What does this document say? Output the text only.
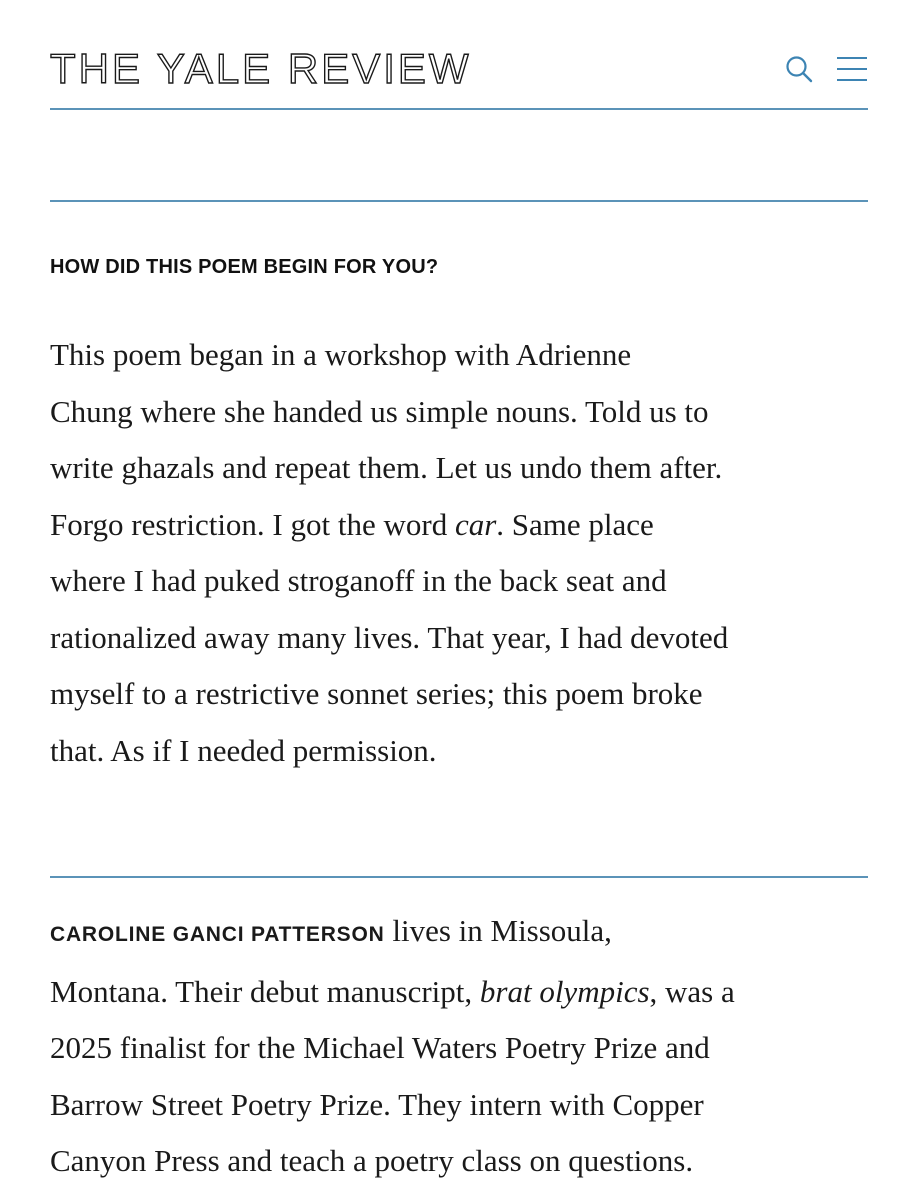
THE YALE REVIEW
HOW DID THIS POEM BEGIN FOR YOU?

This poem began in a workshop with Adrienne
Chung where she handed us simple nouns. Told us to
write ghazals and repeat them. Let us undo them after.
Forgo restriction. I got the word car. Same place
where I had puked stroganoff in the back seat and
rationalized away many lives. That year, I had devoted
myself to a restrictive sonnet series; this poem broke
that. As if I needed permission.

CAROLINE GANCI PATTERSON lives in Missoula,
Montana. Their debut manuscript, brat olympics, was a
2025 finalist for the Michael Waters Poetry Prize and
Barrow Street Poetry Prize. They intern with Copper
Canyon Press and teach a poetry class on questions.
